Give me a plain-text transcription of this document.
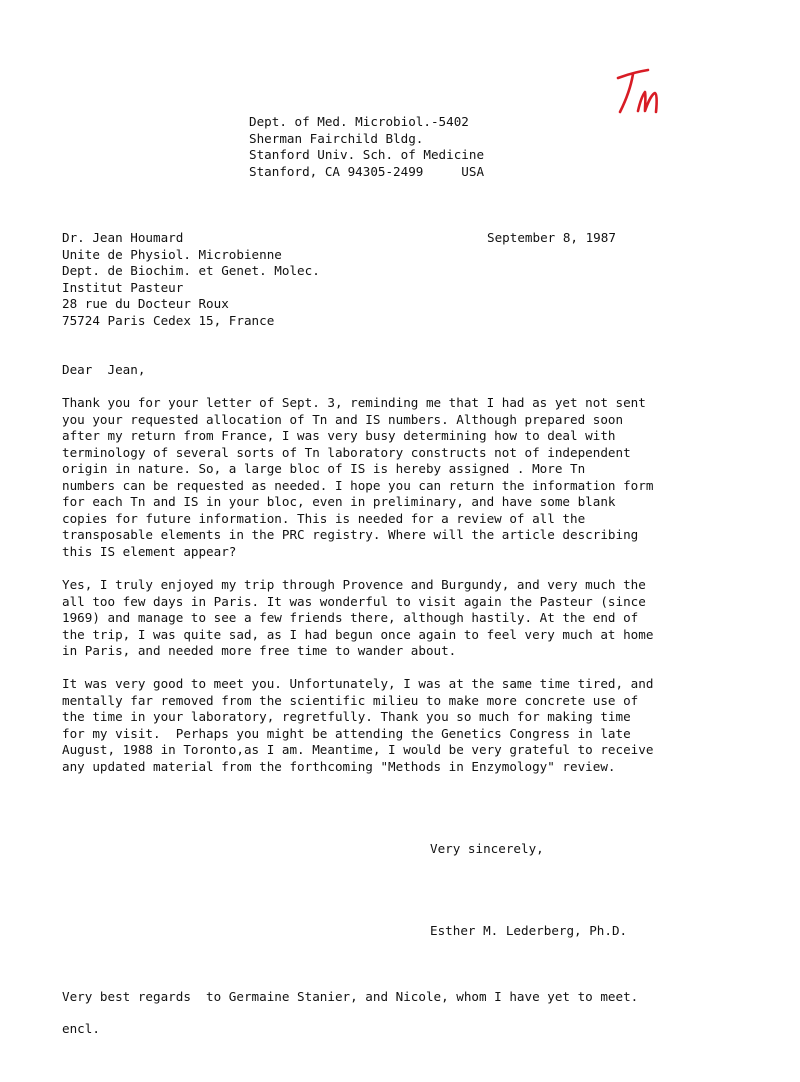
Dept. of Med. Microbiol.-5402
Sherman Fairchild Bldg.
Stanford Univ. Sch. of Medicine
Stanford, CA 94305-2499     USA
Dr. Jean Houmard
Unite de Physiol. Microbienne
Dept. de Biochim. et Genet. Molec.
Institut Pasteur
28 rue du Docteur Roux
75724 Paris Cedex 15, France
September 8, 1987
Dear  Jean,
Thank you for your letter of Sept. 3, reminding me that I had as yet not sent
you your requested allocation of Tn and IS numbers. Although prepared soon
after my return from France, I was very busy determining how to deal with
terminology of several sorts of Tn laboratory constructs not of independent
origin in nature. So, a large bloc of IS is hereby assigned . More Tn
numbers can be requested as needed. I hope you can return the information form
for each Tn and IS in your bloc, even in preliminary, and have some blank
copies for future information. This is needed for a review of all the
transposable elements in the PRC registry. Where will the article describing
this IS element appear?
Yes, I truly enjoyed my trip through Provence and Burgundy, and very much the
all too few days in Paris. It was wonderful to visit again the Pasteur (since
1969) and manage to see a few friends there, although hastily. At the end of
the trip, I was quite sad, as I had begun once again to feel very much at home
in Paris, and needed more free time to wander about.
It was very good to meet you. Unfortunately, I was at the same time tired, and
mentally far removed from the scientific milieu to make more concrete use of
the time in your laboratory, regretfully. Thank you so much for making time
for my visit.  Perhaps you might be attending the Genetics Congress in late
August, 1988 in Toronto,as I am. Meantime, I would be very grateful to receive
any updated material from the forthcoming "Methods in Enzymology" review.
Very sincerely,
Esther M. Lederberg, Ph.D.
Very best regards  to Germaine Stanier, and Nicole, whom I have yet to meet.
encl.
